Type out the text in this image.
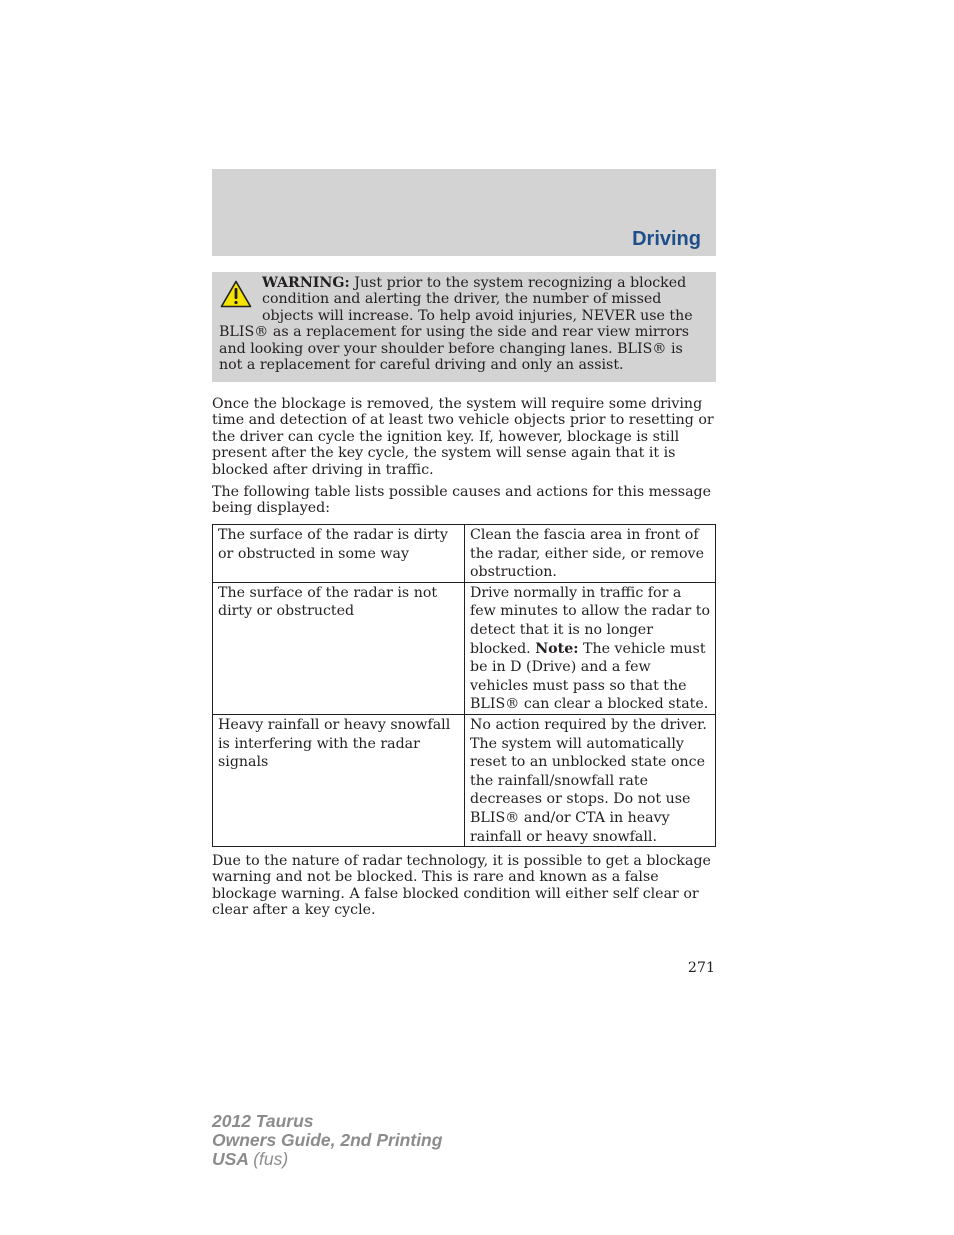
Driving
WARNING: Just prior to the system recognizing a blocked condition and alerting the driver, the number of missed objects will increase. To help avoid injuries, NEVER use the BLIS® as a replacement for using the side and rear view mirrors and looking over your shoulder before changing lanes. BLIS® is not a replacement for careful driving and only an assist.

Once the blockage is removed, the system will require some driving time and detection of at least two vehicle objects prior to resetting or the driver can cycle the ignition key. If, however, blockage is still present after the key cycle, the system will sense again that it is blocked after driving in traffic.

The following table lists possible causes and actions for this message being displayed:

The surface of the radar is dirty or obstructed in some way	Clean the fascia area in front of the radar, either side, or remove obstruction.
The surface of the radar is not dirty or obstructed	Drive normally in traffic for a few minutes to allow the radar to detect that it is no longer blocked. Note: The vehicle must be in D (Drive) and a few vehicles must pass so that the BLIS® can clear a blocked state.
Heavy rainfall or heavy snowfall is interfering with the radar signals	No action required by the driver. The system will automatically reset to an unblocked state once the rainfall/snowfall rate decreases or stops. Do not use BLIS® and/or CTA in heavy rainfall or heavy snowfall.

Due to the nature of radar technology, it is possible to get a blockage warning and not be blocked. This is rare and known as a false blockage warning. A false blocked condition will either self clear or clear after a key cycle.

271
2012 Taurus
Owners Guide, 2nd Printing
USA (fus)
